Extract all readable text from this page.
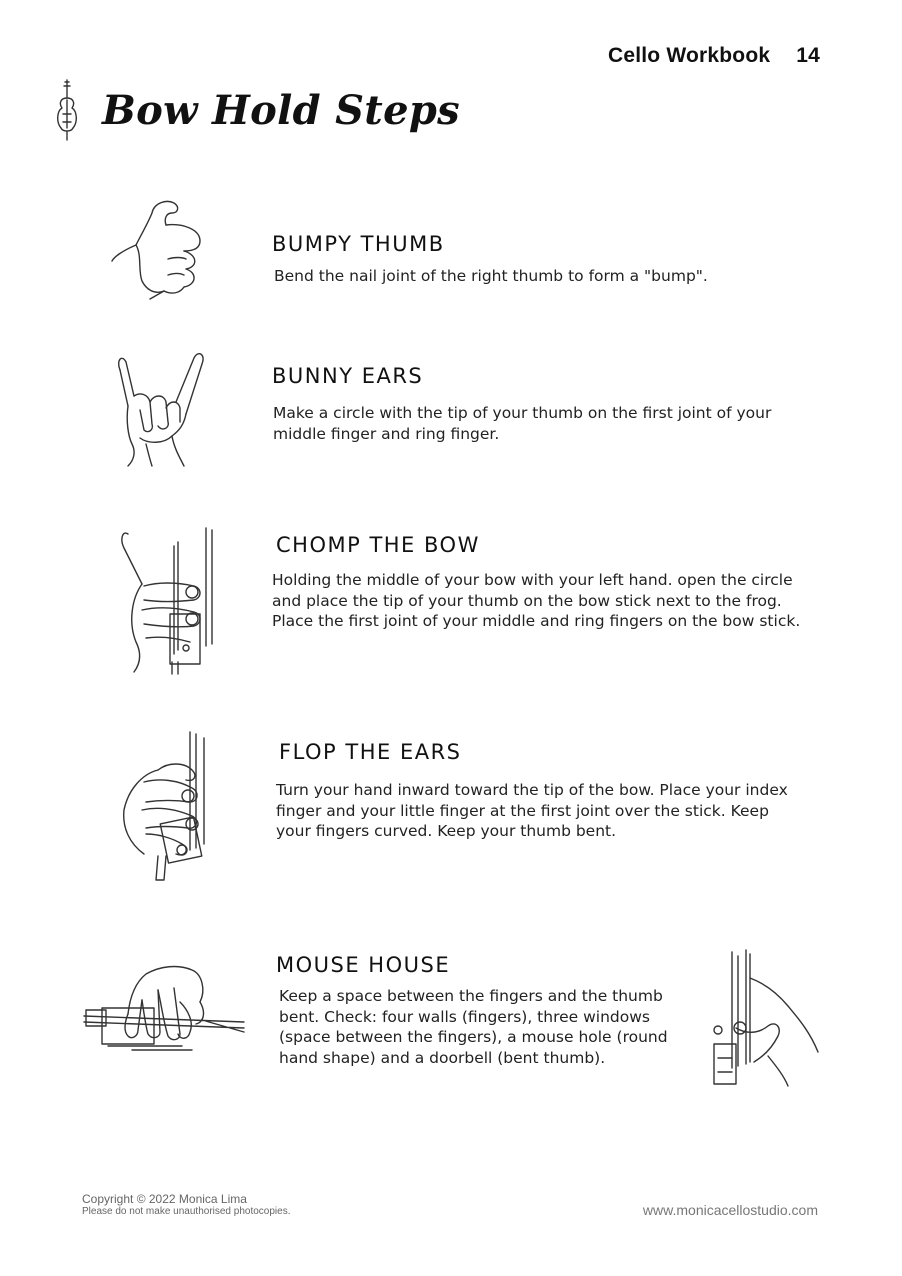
Cello Workbook 14
Bow Hold Steps
BUMPY THUMB
Bend the nail joint of the right thumb to form a "bump".
BUNNY EARS
Make a circle with the tip of your thumb on the first joint of your middle finger and ring finger.
CHOMP THE BOW
Holding the middle of your bow with your left hand. open the circle and place the tip of your thumb on the bow stick next to the frog. Place the first joint of your middle and ring fingers on the bow stick.
FLOP THE EARS
Turn your hand inward toward the tip of the bow. Place your index finger and your little finger at the first joint over the stick. Keep your fingers curved. Keep your thumb bent.
MOUSE HOUSE
Keep a space between the fingers and the thumb bent. Check: four walls (fingers), three windows (space between the fingers), a mouse hole (round hand shape) and a doorbell (bent thumb).
Copyright © 2022 Monica Lima
Please do not make unauthorised photocopies.	www.monicacellostudio.com
